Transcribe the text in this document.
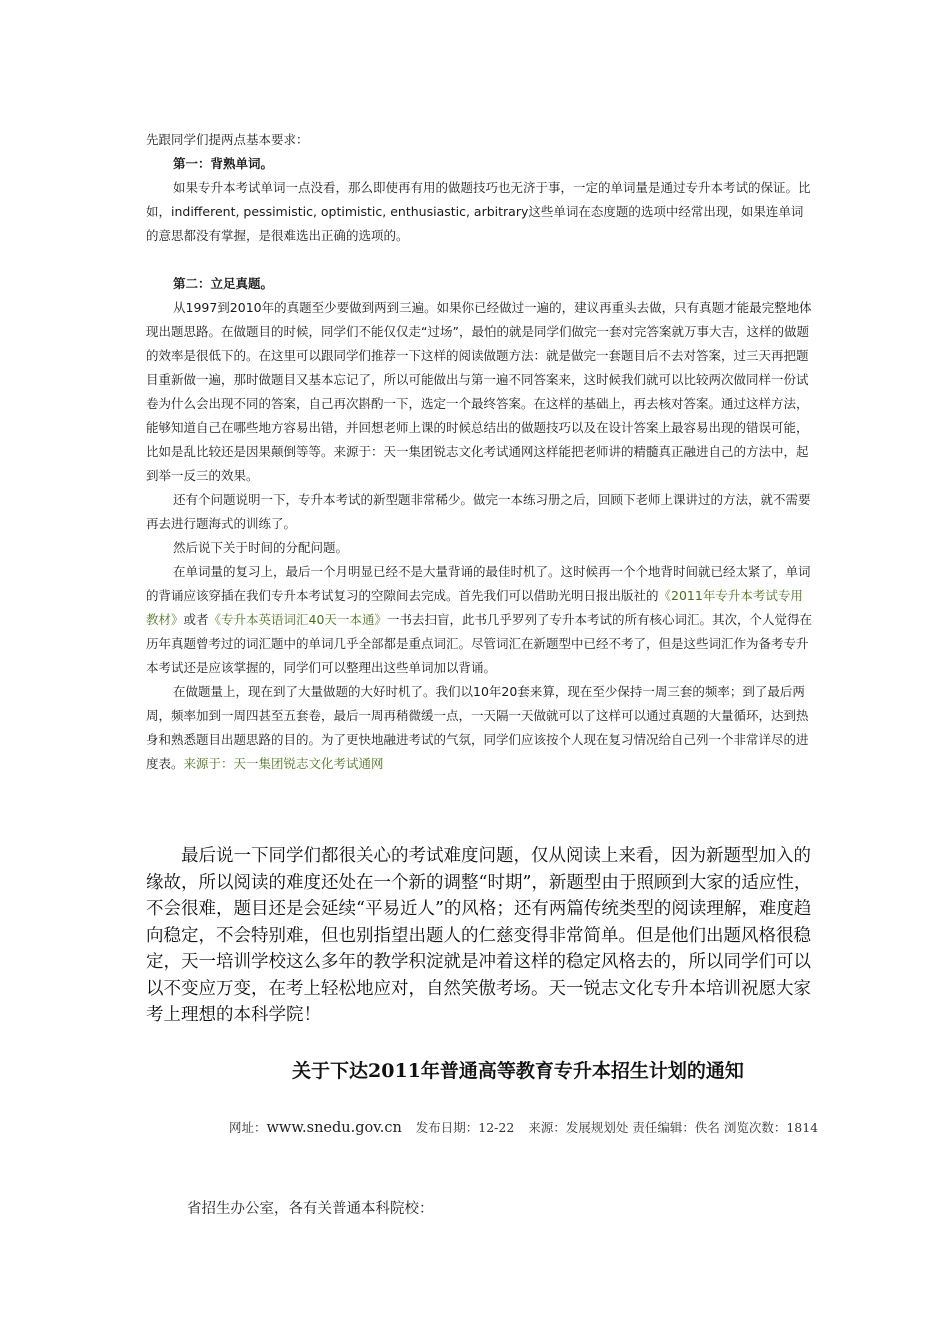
先跟同学们提两点基本要求：

第一：背熟单词。

如果专升本考试单词一点没看，那么即使再有用的做题技巧也无济于事，一定的单词量是通过专升本考试的保证。比如，indifferent, pessimistic, optimistic, enthusiastic, arbitrary这些单词在态度题的选项中经常出现，如果连单词的意思都没有掌握，是很难选出正确的选项的。

第二：立足真题。

从1997到2010年的真题至少要做到两到三遍。如果你已经做过一遍的，建议再重头去做，只有真题才能最完整地体现出题思路。在做题目的时候，同学们不能仅仅走“过场”，最怕的就是同学们做完一套对完答案就万事大吉，这样的做题的效率是很低下的。在这里可以跟同学们推荐一下这样的阅读做题方法：就是做完一套题目后不去对答案，过三天再把题目重新做一遍，那时做题目又基本忘记了，所以可能做出与第一遍不同答案来，这时候我们就可以比较两次做同样一份试卷为什么会出现不同的答案，自己再次斟酌一下，选定一个最终答案。在这样的基础上，再去核对答案。通过这样方法，能够知道自己在哪些地方容易出错，并回想老师上课的时候总结出的做题技巧以及在设计答案上最容易出现的错误可能，比如是乱比较还是因果颠倒等等。来源于：天一集团锐志文化考试通网这样能把老师讲的精髓真正融进自己的方法中，起到举一反三的效果。

还有个问题说明一下，专升本考试的新型题非常稀少。做完一本练习册之后，回顾下老师上课讲过的方法，就不需要再去进行题海式的训练了。

然后说下关于时间的分配问题。

在单词量的复习上，最后一个月明显已经不是大量背诵的最佳时机了。这时候再一个个地背时间就已经太紧了，单词的背诵应该穿插在我们专升本考试复习的空隙间去完成。首先我们可以借助光明日报出版社的《2011年专升本考试专用教材》或者《专升本英语词汇40天一本通》一书去扫盲，此书几乎罗列了专升本考试的所有核心词汇。其次，个人觉得在历年真题曾考过的词汇题中的单词几乎全部都是重点词汇。尽管词汇在新题型中已经不考了，但是这些词汇作为备考专升本考试还是应该掌握的，同学们可以整理出这些单词加以背诵。

在做题量上，现在到了大量做题的大好时机了。我们以10年20套来算，现在至少保持一周三套的频率；到了最后两周，频率加到一周四甚至五套卷，最后一周再稍微缓一点，一天隔一天做就可以了这样可以通过真题的大量循环，达到热身和熟悉题目出题思路的目的。为了更快地融进考试的气氛，同学们应该按个人现在复习情况给自己列一个非常详尽的进度表。来源于：天一集团锐志文化考试通网

最后说一下同学们都很关心的考试难度问题，仅从阅读上来看，因为新题型加入的缘故，所以阅读的难度还处在一个新的调整“时期”，新题型由于照顾到大家的适应性，不会很难，题目还是会延续“平易近人”的风格；还有两篇传统类型的阅读理解，难度趋向稳定，不会特别难，但也别指望出题人的仁慈变得非常简单。但是他们出题风格很稳定，天一培训学校这么多年的教学积淀就是冲着这样的稳定风格去的，所以同学们可以以不变应万变，在考上轻松地应对，自然笑傲考场。天一锐志文化专升本培训祝愿大家考上理想的本科学院！

关于下达2011年普通高等教育专升本招生计划的通知
网址：www.snedu.gov.cn 发布日期：12-22 来源：发展规划处 责任编辑：佚名 浏览次数：1814
省招生办公室，各有关普通本科院校：
